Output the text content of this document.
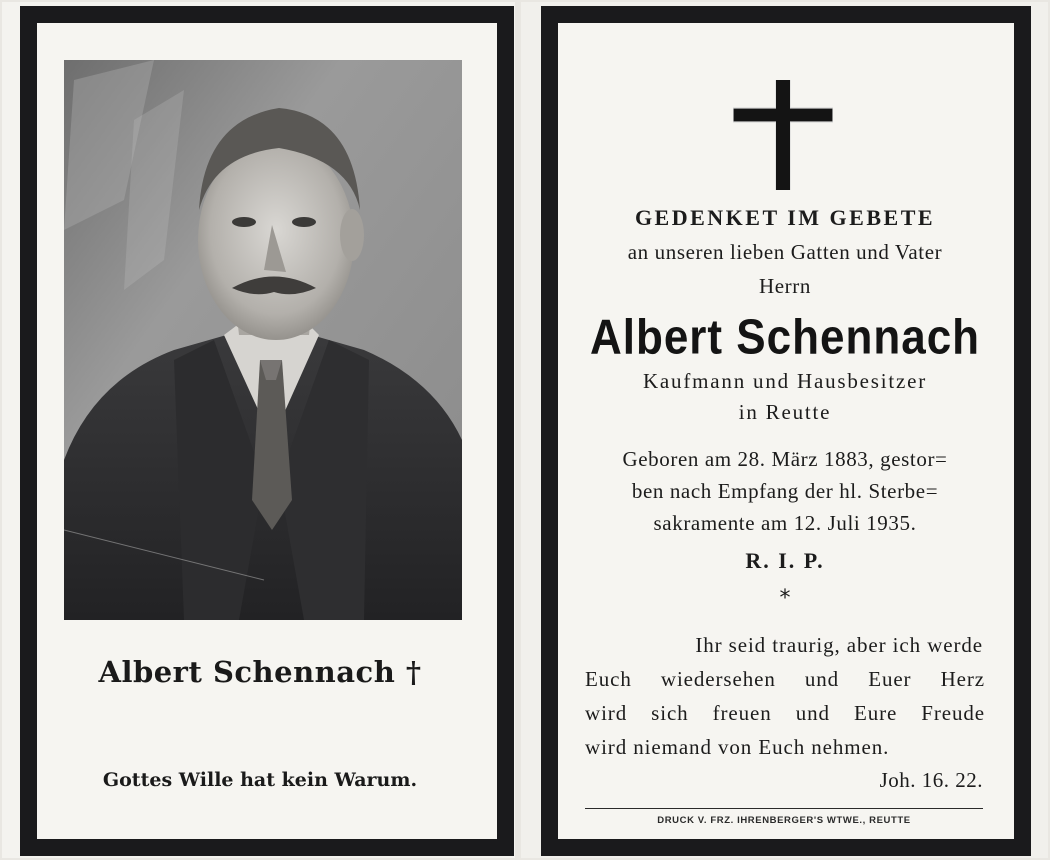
Albert Schennach †
Gottes Wille hat kein Warum.
GEDENKET IM GEBETE
an unseren lieben Gatten und Vater
Herrn
Albert Schennach
Kaufmann und Hausbesitzer
in Reutte
Geboren am 28. März 1883, gestor=
ben nach Empfang der hl. Sterbe=
sakramente am 12. Juli 1935.
R. I. P.
*
Ihr seid traurig, aber ich werde
Euch wiedersehen und Euer Herz
wird sich freuen und Eure Freude
wird niemand von Euch nehmen.
Joh. 16. 22.
DRUCK V. FRZ. IHRENBERGER'S WTWE., REUTTE
